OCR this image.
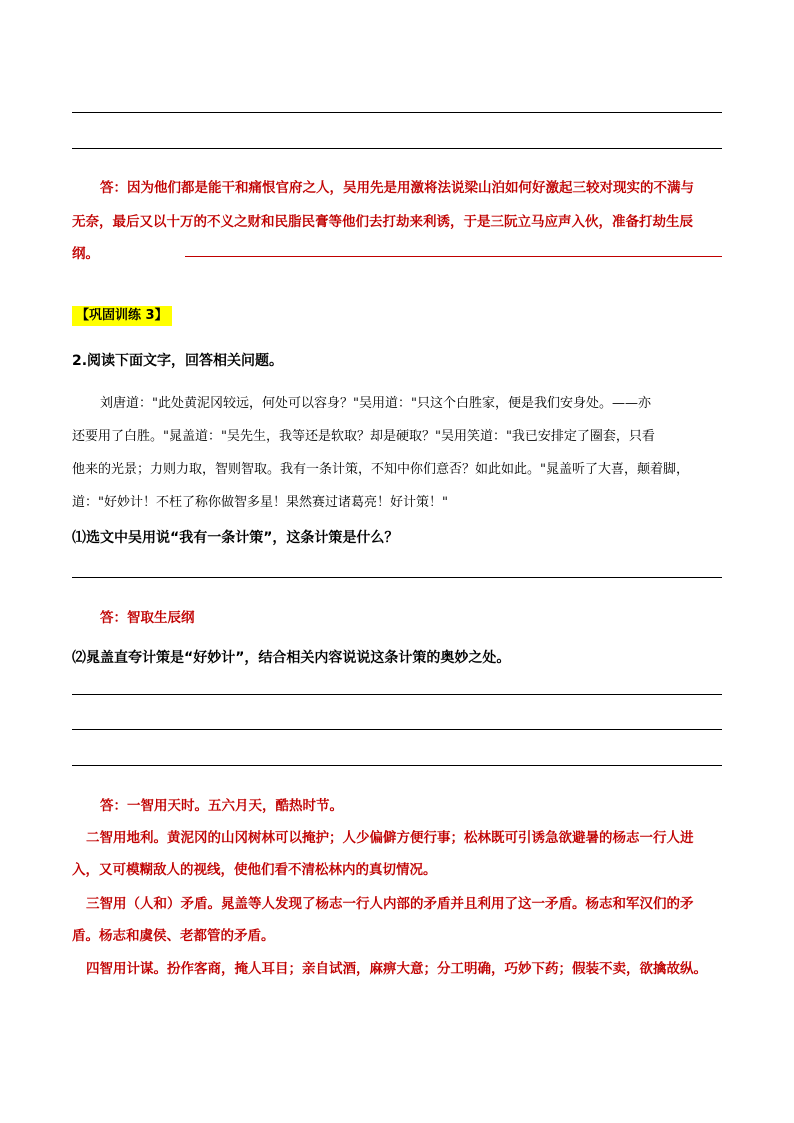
答：因为他们都是能干和痛恨官府之人，吴用先是用激将法说梁山泊如何好激起三较对现实的不满与
无奈，最后又以十万的不义之财和民脂民膏等他们去打劫来利诱，于是三阮立马应声入伙，准备打劫生辰
纲。
【巩固训练 3】
2.阅读下面文字，回答相关问题。
刘唐道："此处黄泥冈较远，何处可以容身？"吴用道："只这个白胜家，便是我们安身处。——亦
还要用了白胜。"晁盖道："吴先生，我等还是软取？却是硬取？"吴用笑道："我已安排定了圈套，只看
他来的光景；力则力取，智则智取。我有一条计策，不知中你们意否？如此如此。"晁盖听了大喜，颠着脚，
道："好妙计！不枉了称你做智多星！果然赛过诸葛亮！好计策！"
⑴选文中吴用说“我有一条计策”，这条计策是什么？
答：智取生辰纲
⑵晁盖直夸计策是“好妙计”，结合相关内容说说这条计策的奥妙之处。
答：一智用天时。五六月天，酷热时节。
二智用地利。黄泥冈的山冈树林可以掩护；人少偏僻方便行事；松林既可引诱急欲避暑的杨志一行人进
入，又可模糊敌人的视线，使他们看不清松林内的真切情况。
三智用（人和）矛盾。晁盖等人发现了杨志一行人内部的矛盾并且利用了这一矛盾。杨志和军汉们的矛
盾。杨志和虞侯、老都管的矛盾。
四智用计谋。扮作客商，掩人耳目；亲自试酒，麻痹大意；分工明确，巧妙下药；假装不卖，欲擒故纵。
